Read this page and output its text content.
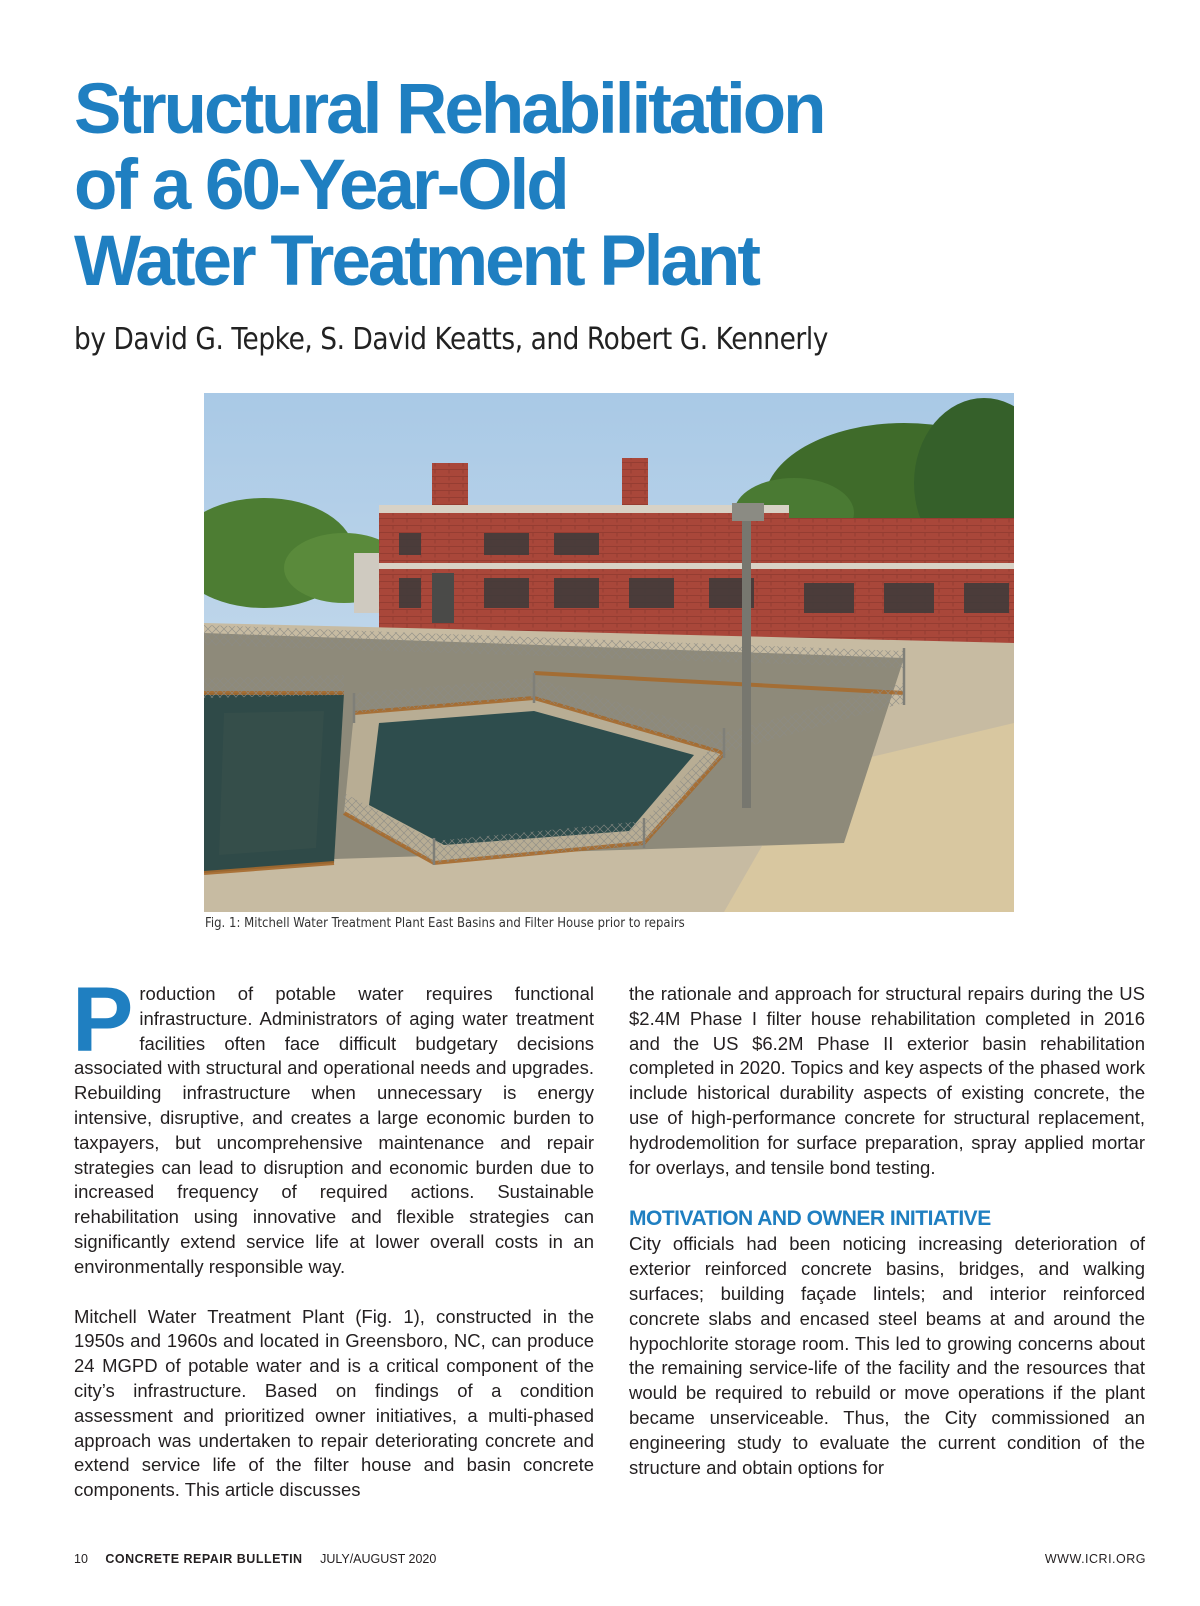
Structural Rehabilitation
of a 60-Year-Old
Water Treatment Plant

by David G. Tepke, S. David Keatts, and Robert G. Kennerly

Fig. 1: Mitchell Water Treatment Plant East Basins and Filter House prior to repairs

Production of potable water requires functional infrastructure. Administrators of aging water treatment facilities often face difficult budgetary decisions associated with structural and operational needs and upgrades. Rebuilding infrastructure when unnecessary is energy intensive, disruptive, and creates a large economic burden to taxpayers, but uncomprehensive maintenance and repair strategies can lead to disruption and economic burden due to increased frequency of required actions. Sustainable rehabilitation using innovative and flexible strategies can significantly extend service life at lower overall costs in an environmentally responsible way.

Mitchell Water Treatment Plant (Fig. 1), constructed in the 1950s and 1960s and located in Greensboro, NC, can produce 24 MGPD of potable water and is a critical component of the city’s infrastructure. Based on findings of a condition assessment and prioritized owner initiatives, a multi-phased approach was undertaken to repair deteriorating concrete and extend service life of the filter house and basin concrete components. This article discusses

the rationale and approach for structural repairs during the US $2.4M Phase I filter house rehabilitation completed in 2016 and the US $6.2M Phase II exterior basin rehabilitation completed in 2020. Topics and key aspects of the phased work include historical durability aspects of existing concrete, the use of high-performance concrete for structural replacement, hydrodemolition for surface preparation, spray applied mortar for overlays, and tensile bond testing.

MOTIVATION AND OWNER INITIATIVE

City officials had been noticing increasing deterioration of exterior reinforced concrete basins, bridges, and walking surfaces; building façade lintels; and interior reinforced concrete slabs and encased steel beams at and around the hypochlorite storage room. This led to growing concerns about the remaining service-life of the facility and the resources that would be required to rebuild or move operations if the plant became unserviceable. Thus, the City commissioned an engineering study to evaluate the current condition of the structure and obtain options for

10 CONCRETE REPAIR BULLETIN JULY/AUGUST 2020	WWW.ICRI.ORG
